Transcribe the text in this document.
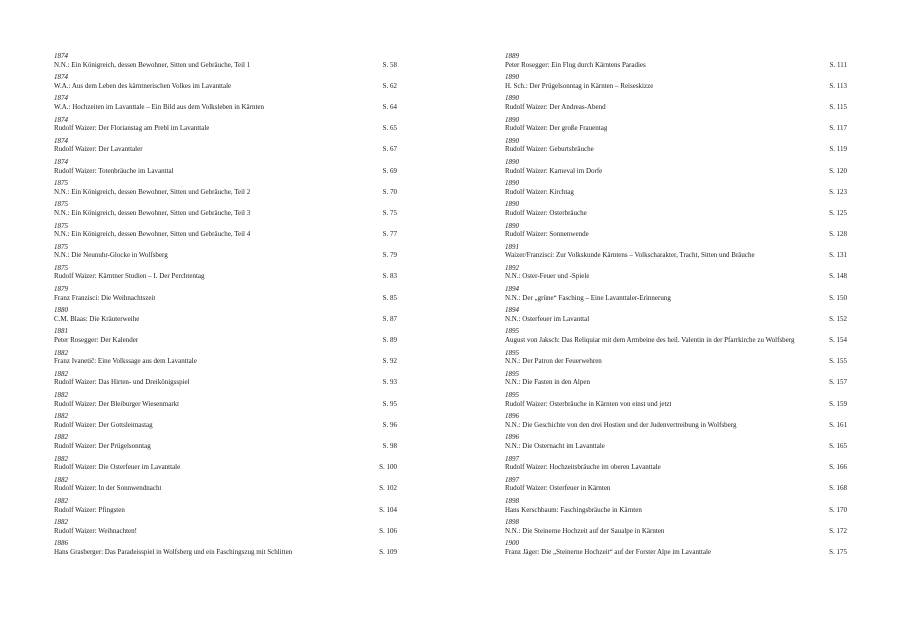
1874
N.N.: Ein Königreich, dessen Bewohner, Sitten und Gebräuche, Teil 1	S. 58
1874
W.A.: Aus dem Leben des kärntnerischen Volkes im Lavanttale	S. 62
1874
W.A.: Hochzeiten im Lavanttale – Ein Bild aus dem Volksleben in Kärnten	S. 64
1874
Rudolf Waizer: Der Florianstag am Prebl im Lavanttale	S. 65
1874
Rudolf Waizer: Der Lavanttaler	S. 67
1874
Rudolf Waizer: Totenbräuche im Lavanttal	S. 69
1875
N.N.: Ein Königreich, dessen Bewohner, Sitten und Gebräuche, Teil 2	S. 70
1875
N.N.: Ein Königreich, dessen Bewohner, Sitten und Gebräuche, Teil 3	S. 75
1875
N.N.: Ein Königreich, dessen Bewohner, Sitten und Gebräuche, Teil 4	S. 77
1875
N.N.: Die Neunuhr-Glocke in Wolfsberg	S. 79
1875
Rudolf Waizer: Kärntner Studien – I. Der Perchtentag	S. 83
1879
Franz Franzisci: Die Weihnachtszeit	S. 85
1880
C.M. Blaas: Die Kräuterweihe	S. 87
1881
Peter Rosegger: Der Kalender	S. 89
1882
Franz Ivanetič: Eine Volkssage aus dem Lavanttale	S. 92
1882
Rudolf Waizer: Das Hirten- und Dreikönigsspiel	S. 93
1882
Rudolf Waizer: Der Bleiburger Wiesenmarkt	S. 95
1882
Rudolf Waizer: Der Gottsleimastag	S. 96
1882
Rudolf Waizer: Der Prügelsonntag	S. 98
1882
Rudolf Waizer: Die Osterfeuer im Lavanttale	S. 100
1882
Rudolf Waizer: In der Sonnwendnacht	S. 102
1882
Rudolf Waizer: Pfingsten	S. 104
1882
Rudolf Waizer: Weihnachten!	S. 106
1886
Hans Grasberger: Das Paradeisspiel in Wolfsberg und ein Faschingszug mit Schlitten	S. 109
1889
Peter Rosegger: Ein Flug durch Kärntens Paradies	S. 111
1890
H. Sch.: Der Prügelsonntag in Kärnten – Reiseskizze	S. 113
1890
Rudolf Waizer: Der Andreas-Abend	S. 115
1890
Rudolf Waizer: Der große Frauentag	S. 117
1890
Rudolf Waizer: Geburtsbräuche	S. 119
1890
Rudolf Waizer: Karneval im Dorfe	S. 120
1890
Rudolf Waizer: Kirchtag	S. 123
1890
Rudolf Waizer: Osterbräuche	S. 125
1890
Rudolf Waizer: Sonnenwende	S. 128
1891
Waizer/Franzisci: Zur Volkskunde Kärntens – Volkscharakter, Tracht, Sitten und Bräuche	S. 131
1892
N.N.: Oster-Feuer und -Spiele	S. 148
1894
N.N.: Der „grüne“ Fasching – Eine Lavanttaler-Erinnerung	S. 150
1894
N.N.: Osterfeuer im Lavanttal	S. 152
1895
August von Jaksch: Das Reliquiar mit dem Armbeine des heil. Valentin in der Pfarrkirche zu Wolfsberg	S. 154
1895
N.N.: Der Patron der Feuerwehren	S. 155
1895
N.N.: Die Fasten in den Alpen	S. 157
1895
Rudolf Waizer: Osterbräuche in Kärnten von einst und jetzt	S. 159
1896
N.N.: Die Geschichte von den drei Hostien und der Judenvertreibung in Wolfsberg	S. 161
1896
N.N.: Die Osternacht im Lavanttale	S. 165
1897
Rudolf Waizer: Hochzeitsbräuche im oberen Lavanttale	S. 166
1897
Rudolf Waizer: Osterfeuer in Kärnten	S. 168
1898
Hans Kerschbaum: Faschingsbräuche in Kärnten	S. 170
1898
N.N.: Die Steinerne Hochzeit auf der Saualpe in Kärnten	S. 172
1900
Franz Jäger: Die „Steinerne Hochzeit“ auf der Forster Alpe im Lavanttale	S. 175
